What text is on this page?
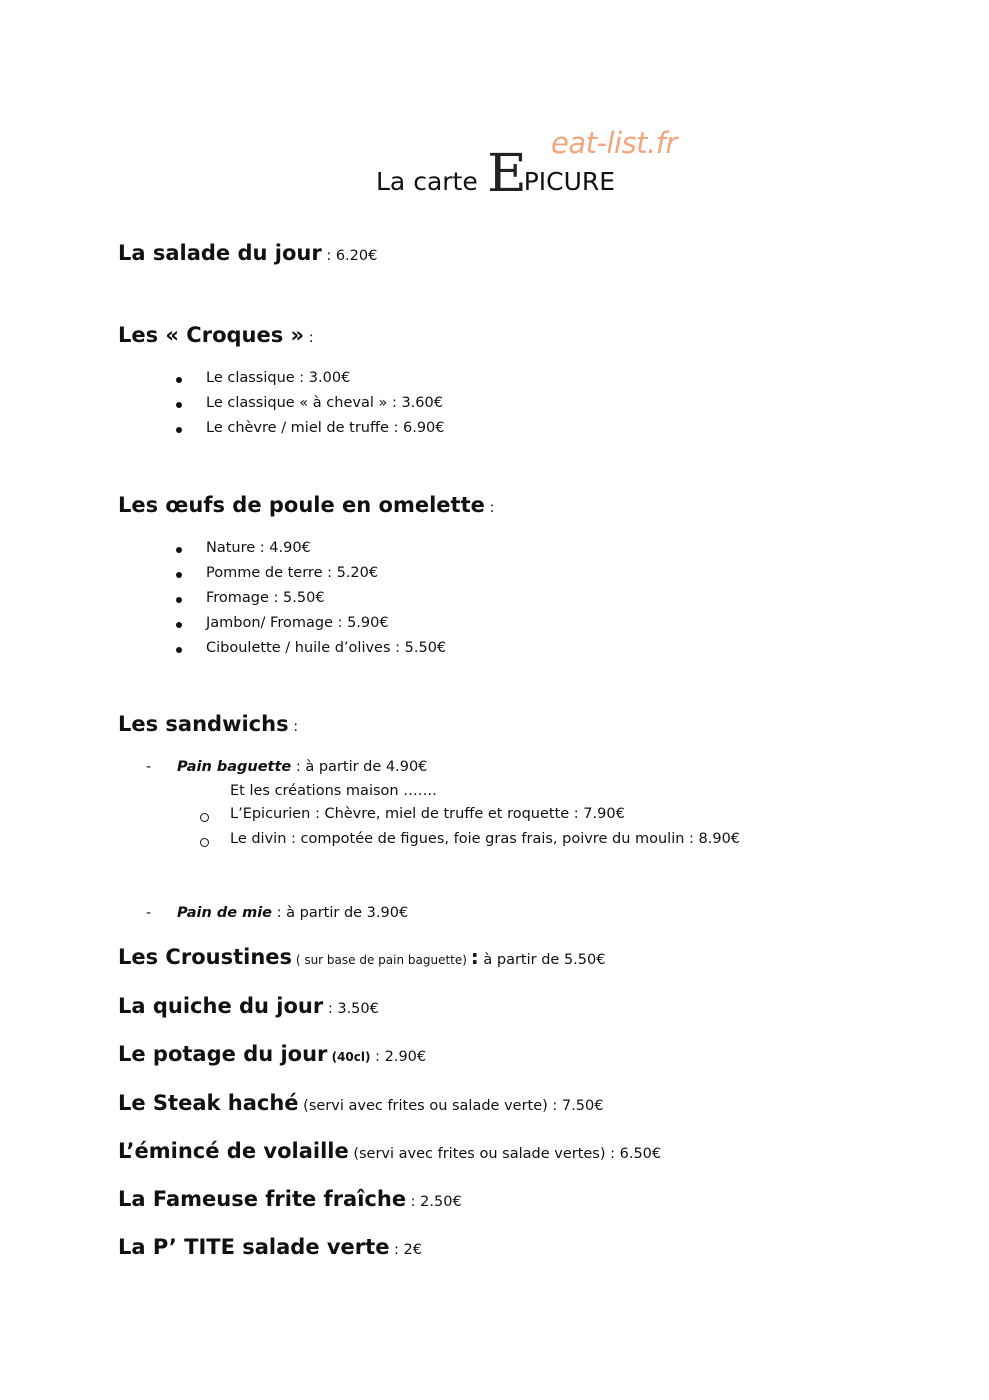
eat-list.fr
La carte E
PICURE
La salade du jour : 6.20€
Les « Croques » :
Le classique : 3.00€
Le classique « à cheval » : 3.60€
Le chèvre / miel de truffe : 6.90€
Les œufs de poule en omelette :
Nature : 4.90€
Pomme de terre : 5.20€
Fromage : 5.50€
Jambon/ Fromage : 5.90€
Ciboulette / huile d’olives : 5.50€
Les sandwichs :
- Pain baguette : à partir de 4.90€
Et les créations maison …….
L’Epicurien : Chèvre, miel de truffe et roquette : 7.90€
Le divin : compotée de figues, foie gras frais, poivre du moulin : 8.90€
- Pain de mie : à partir de 3.90€
Les Croustines ( sur base de pain baguette) : à partir de 5.50€
La quiche du jour : 3.50€
Le potage du jour (40cl) : 2.90€
Le Steak haché (servi avec frites ou salade verte) : 7.50€
L’émincé de volaille (servi avec frites ou salade vertes) : 6.50€
La Fameuse frite fraîche : 2.50€
La P’ TITE salade verte : 2€
